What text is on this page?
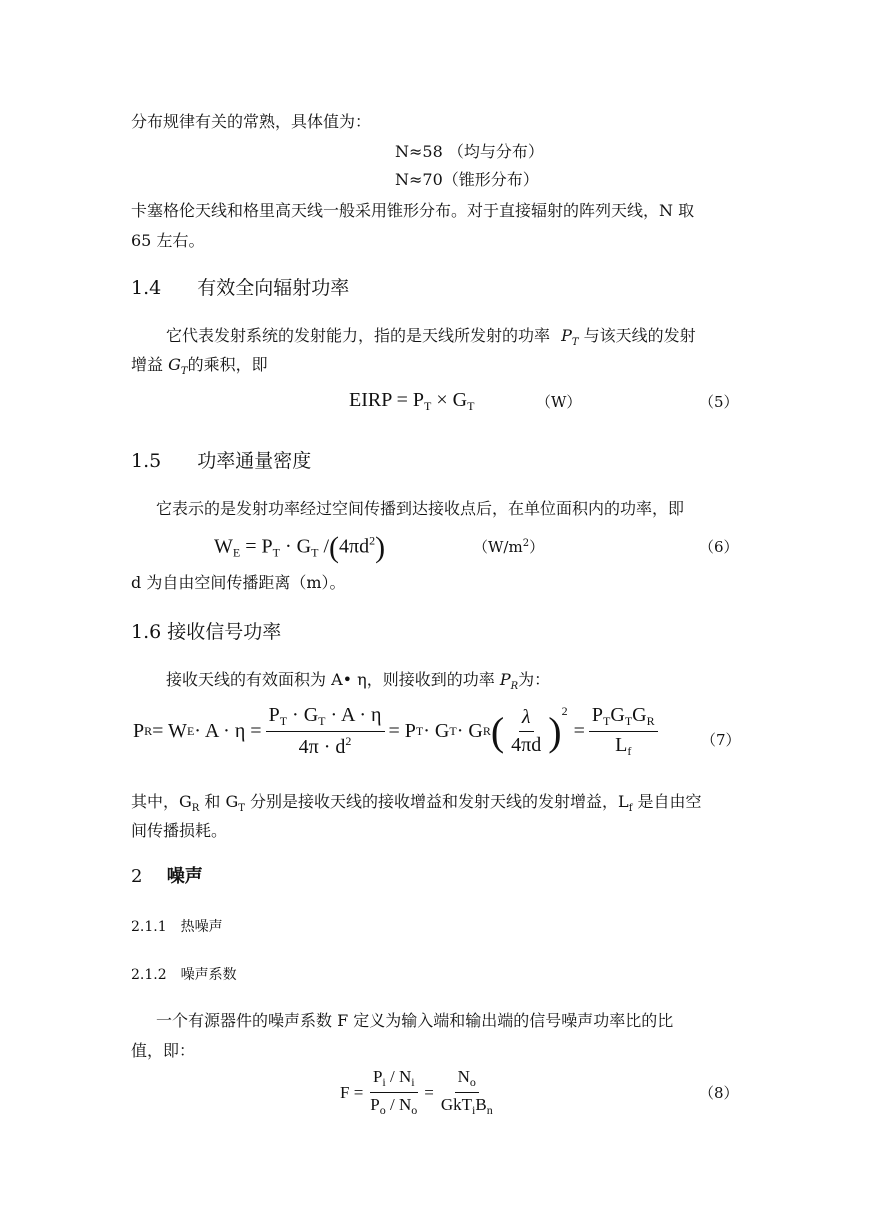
分布规律有关的常熟，具体值为：
N≈58 （均与分布）
N≈70（锥形分布）
卡塞格伦天线和格里高天线一般采用锥形分布。对于直接辐射的阵列天线，N 取
65 左右。
1.4 有效全向辐射功率
它代表发射系统的发射能力，指的是天线所发射的功率 $P_T$ 与该天线的发射
增益 $G_T$的乘积，即
EIRP = $P_T \times G_T$	（W）	（5）
1.5 功率通量密度
它表示的是发射功率经过空间传播到达接收点后，在单位面积内的功率，即
$W_E = P_T \cdot G_T$ $/(4\pi d^2)$	$(W/m^2)$	（6）
d 为自由空间传播距离（m）。
1.6 接收信号功率
接收天线的有效面积为 A• η，则接收到的功率 $P_R$为：
P R = W $E \cdot A \cdot \eta = \frac{P_T \cdot G_T \cdot A \cdot \eta}{4\pi \cdot d^2} = P$ T · G T · G R ( $\frac{\lambda}{4\pi d} )^2$
= $\frac{P_TG_TG_R}{L_f}$	（7）
其中，$G_R$ 和 $G_T$ 分别是接收天线的接收增益和发射天线的发射增益，$L_f$ 是自由空
间传播损耗。
2 噪声
2.1.1　热噪声
2.1.2　噪声系数
一个有源器件的噪声系数 F 定义为输入端和输出端的信号噪声功率比的比
值，即：
$F = \frac{P_i / N_i}{P_o / N_o} = \frac{N_o}{GkT_iB_n}$	（8）
